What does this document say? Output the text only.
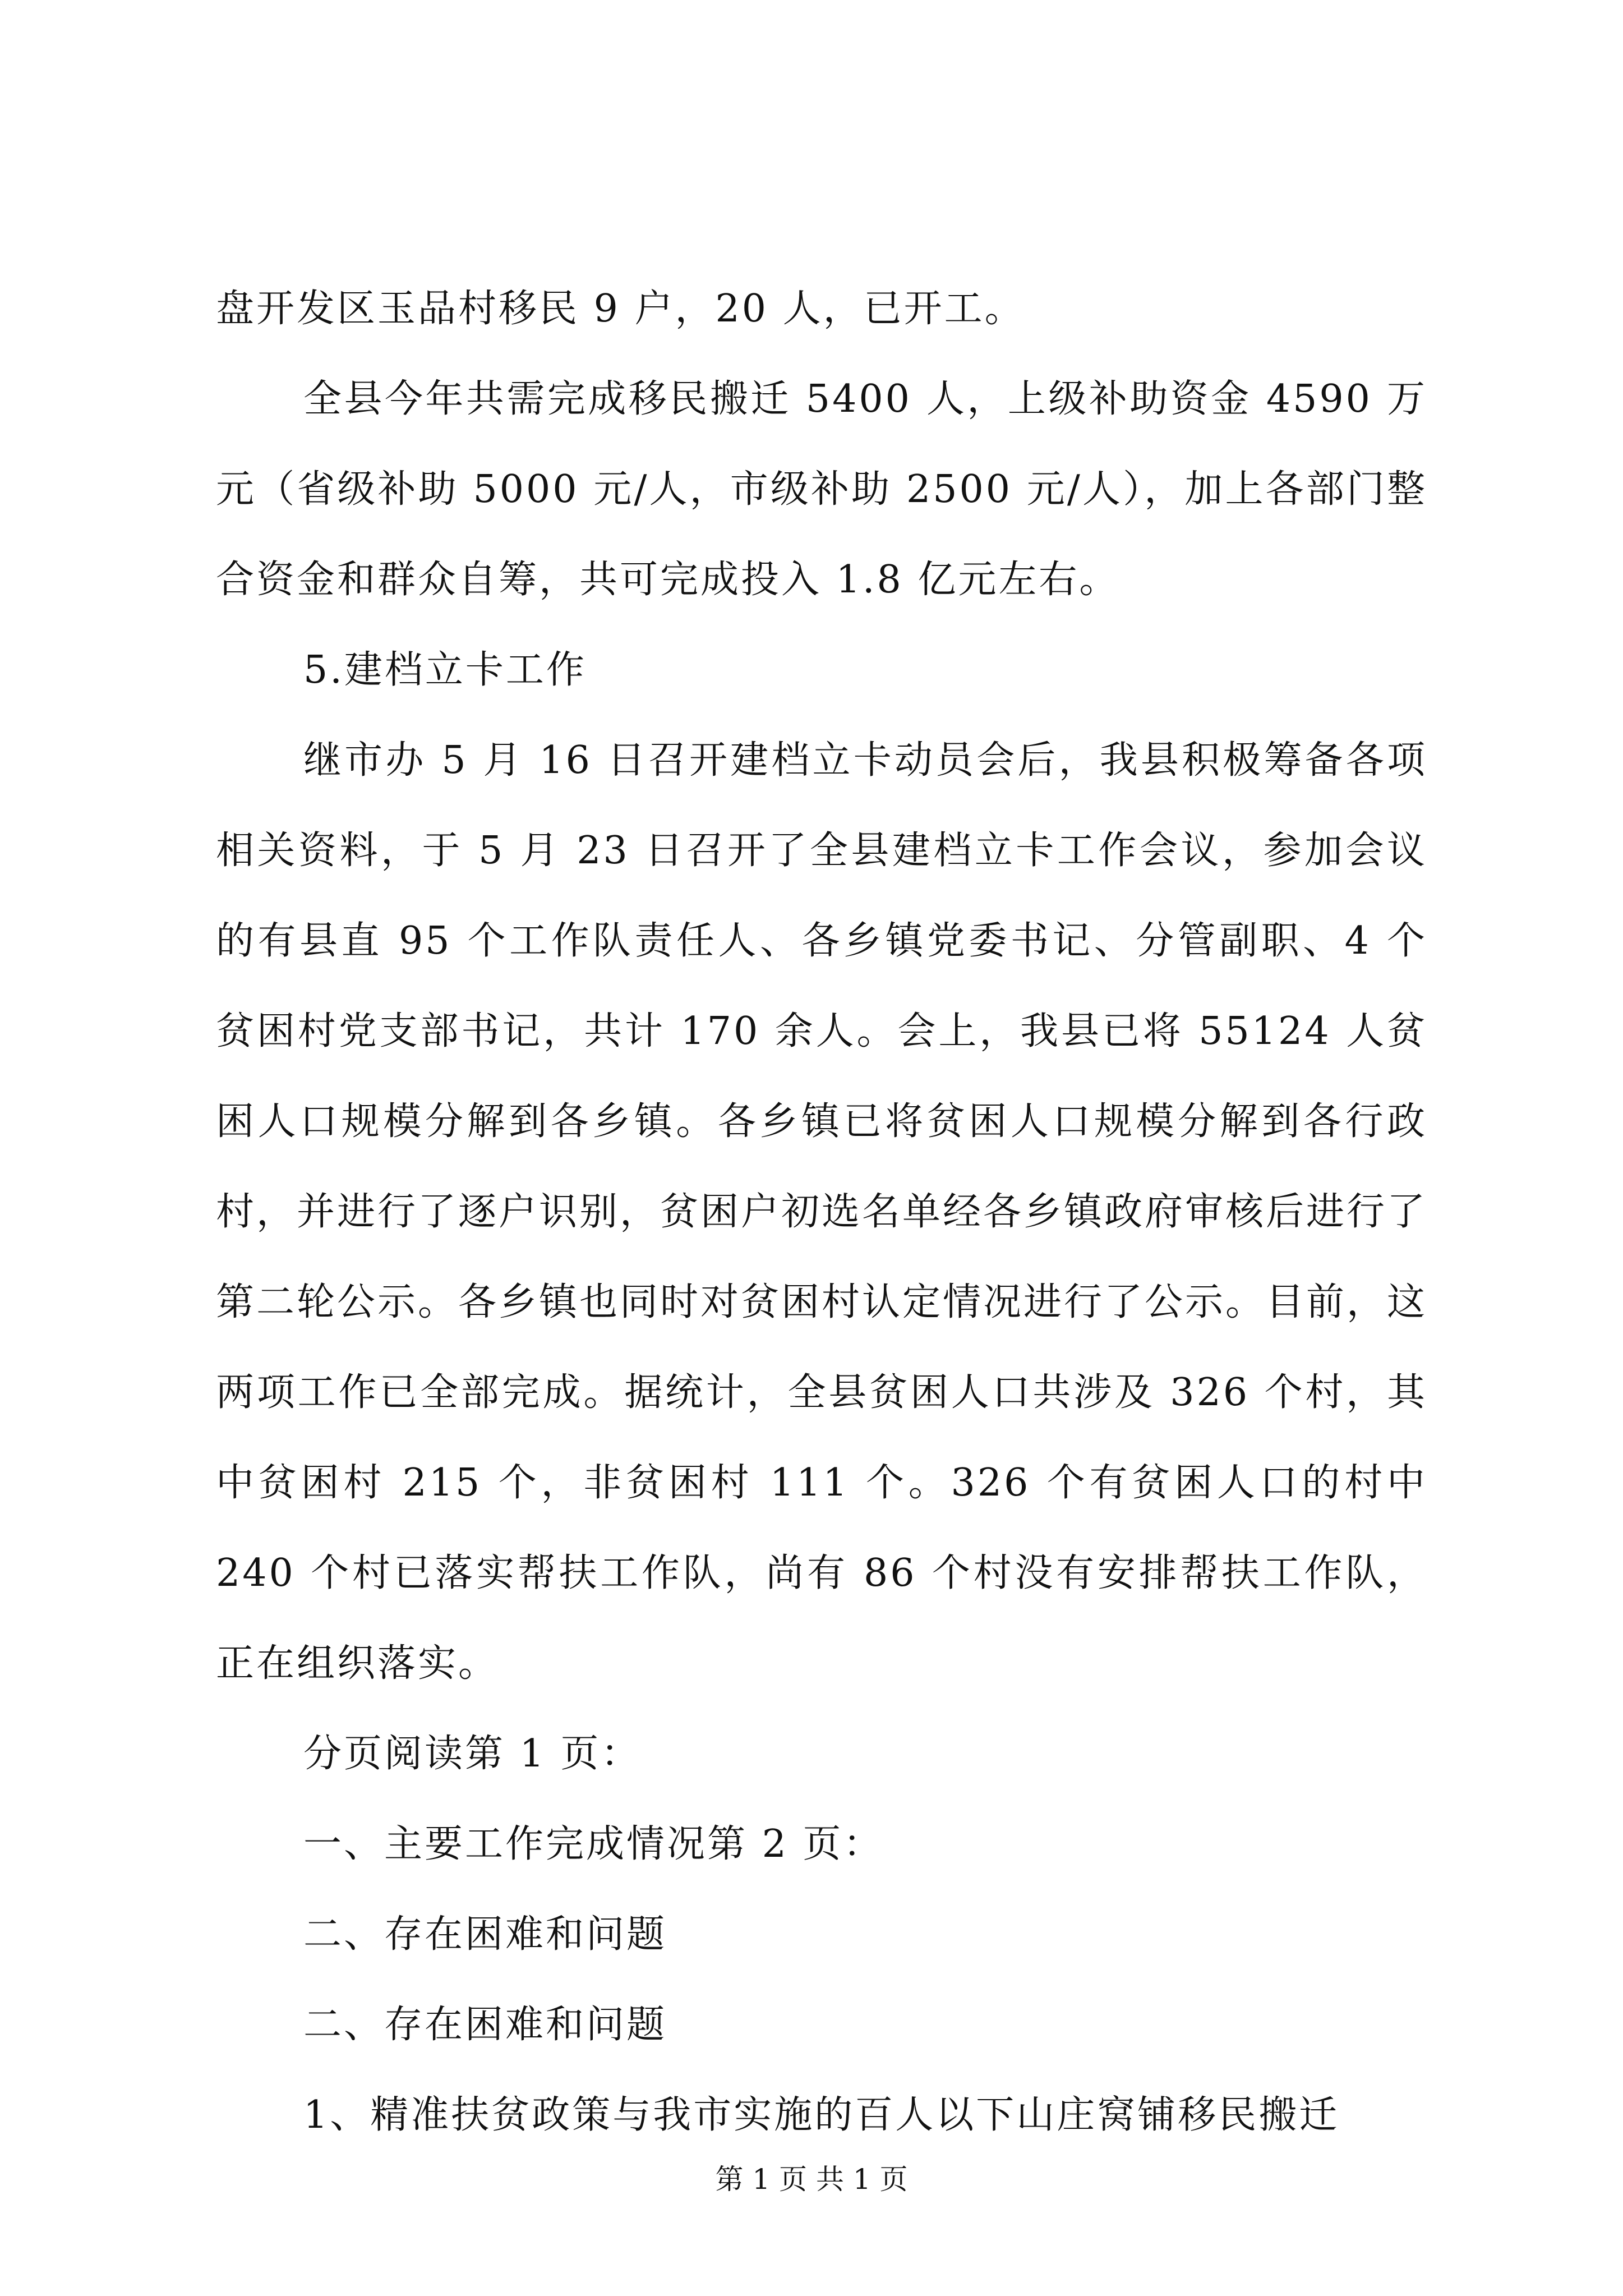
盘开发区玉品村移民 9 户，20 人，已开工。

全县今年共需完成移民搬迁 5400 人，上级补助资金 4590 万元（省级补助 5000 元/人，市级补助 2500 元/人），加上各部门整合资金和群众自筹，共可完成投入 1.8 亿元左右。

5.建档立卡工作

继市办 5 月 16 日召开建档立卡动员会后，我县积极筹备各项相关资料，于 5 月 23 日召开了全县建档立卡工作会议，参加会议的有县直 95 个工作队责任人、各乡镇党委书记、分管副职、4 个贫困村党支部书记，共计 170 余人。会上，我县已将 55124 人贫困人口规模分解到各乡镇。各乡镇已将贫困人口规模分解到各行政村，并进行了逐户识别，贫困户初选名单经各乡镇政府审核后进行了第二轮公示。各乡镇也同时对贫困村认定情况进行了公示。目前，这两项工作已全部完成。据统计，全县贫困人口共涉及 326 个村，其中贫困村 215 个，非贫困村 111 个。326 个有贫困人口的村中 240 个村已落实帮扶工作队，尚有 86 个村没有安排帮扶工作队，正在组织落实。

分页阅读第 1 页：

一、主要工作完成情况第 2 页：

二、存在困难和问题

二、存在困难和问题

1、精准扶贫政策与我市实施的百人以下山庄窝铺移民搬迁

第 1 页 共 1 页
